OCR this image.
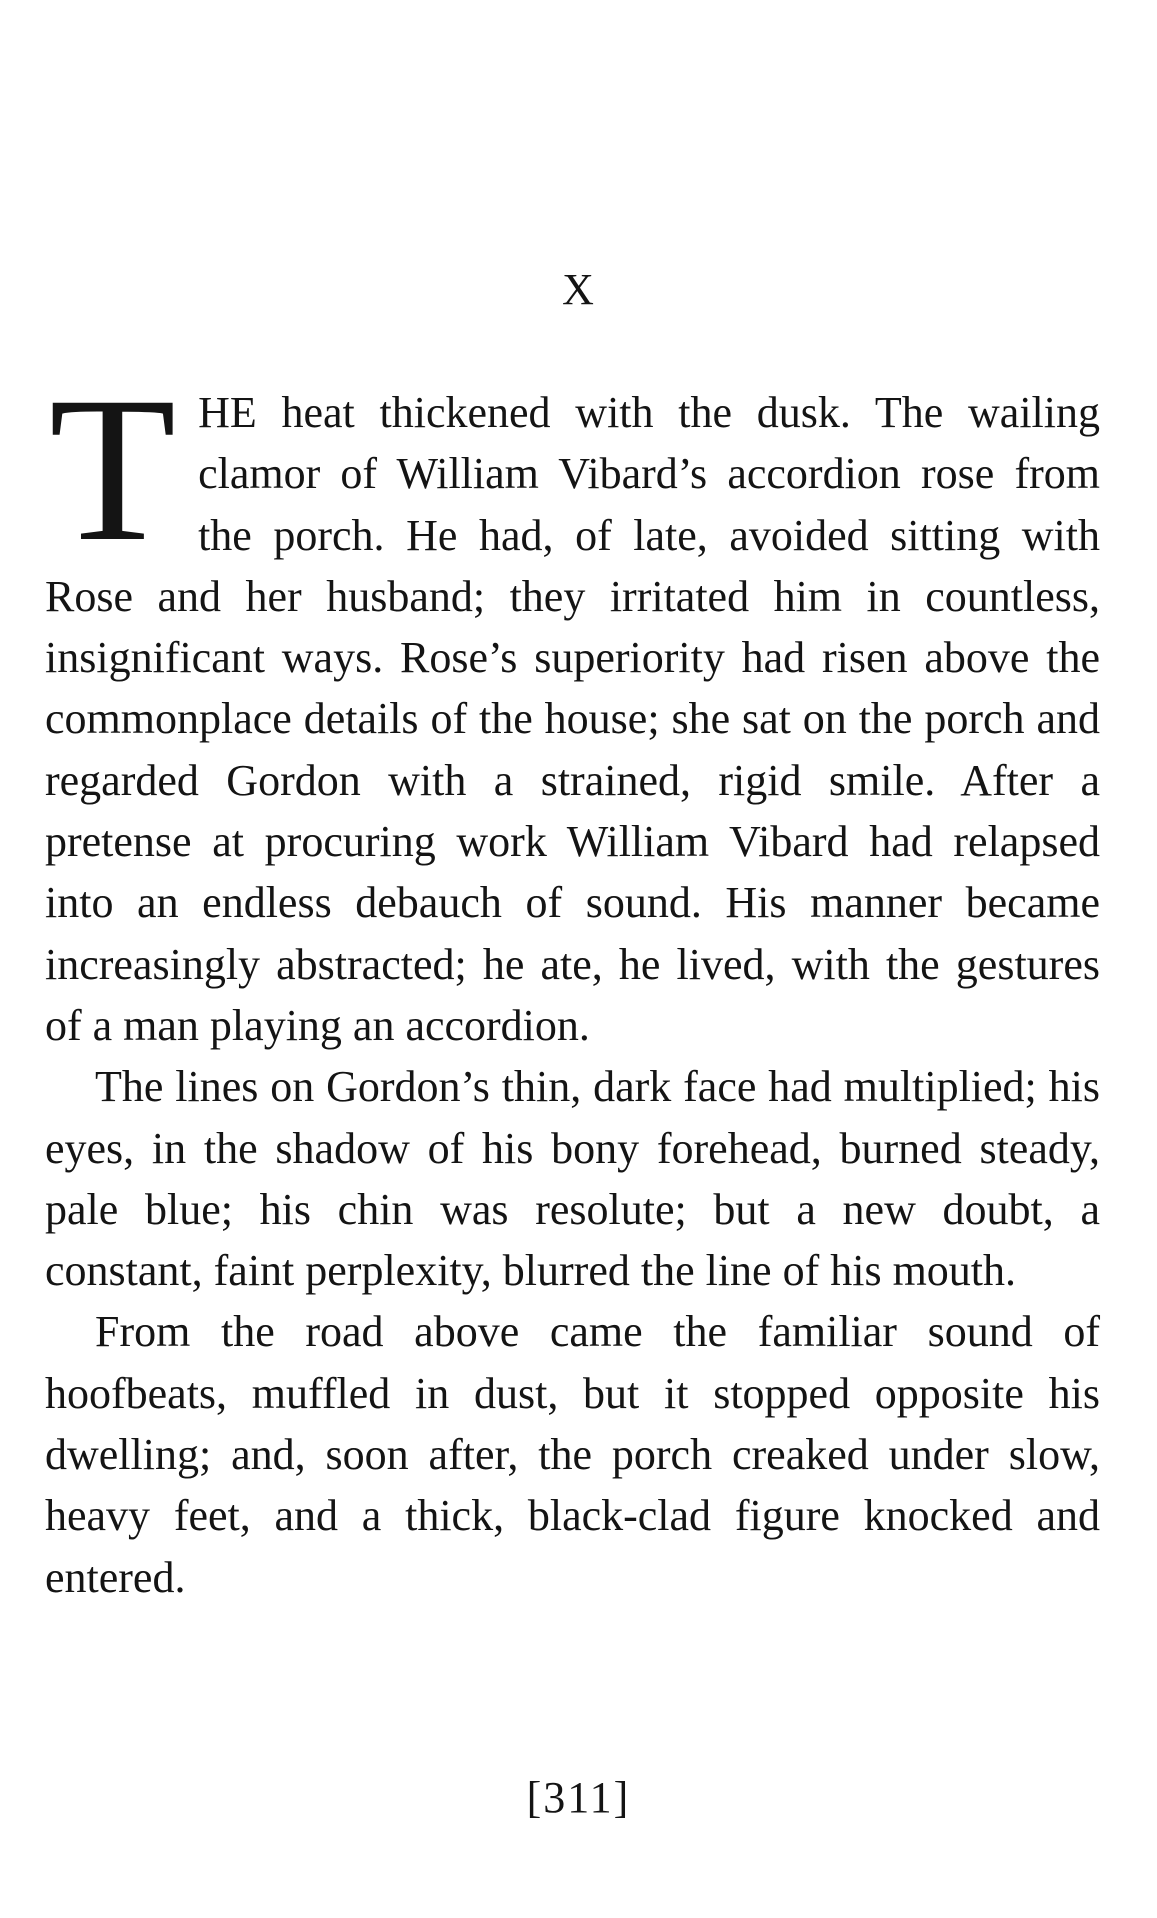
X

THE heat thickened with the dusk. The wailing clamor of William Vibard’s accordion rose from the porch. He had, of late, avoided sitting with Rose and her husband; they irritated him in countless, insignificant ways. Rose’s superiority had risen above the commonplace details of the house; she sat on the porch and regarded Gordon with a strained, rigid smile. After a pretense at procuring work William Vibard had relapsed into an endless debauch of sound. His manner became increasingly abstracted; he ate, he lived, with the gestures of a man playing an accordion.

The lines on Gordon’s thin, dark face had multiplied; his eyes, in the shadow of his bony forehead, burned steady, pale blue; his chin was resolute; but a new doubt, a constant, faint perplexity, blurred the line of his mouth.

From the road above came the familiar sound of hoofbeats, muffled in dust, but it stopped opposite his dwelling; and, soon after, the porch creaked under slow, heavy feet, and a thick, black-clad figure knocked and entered.

[311]
